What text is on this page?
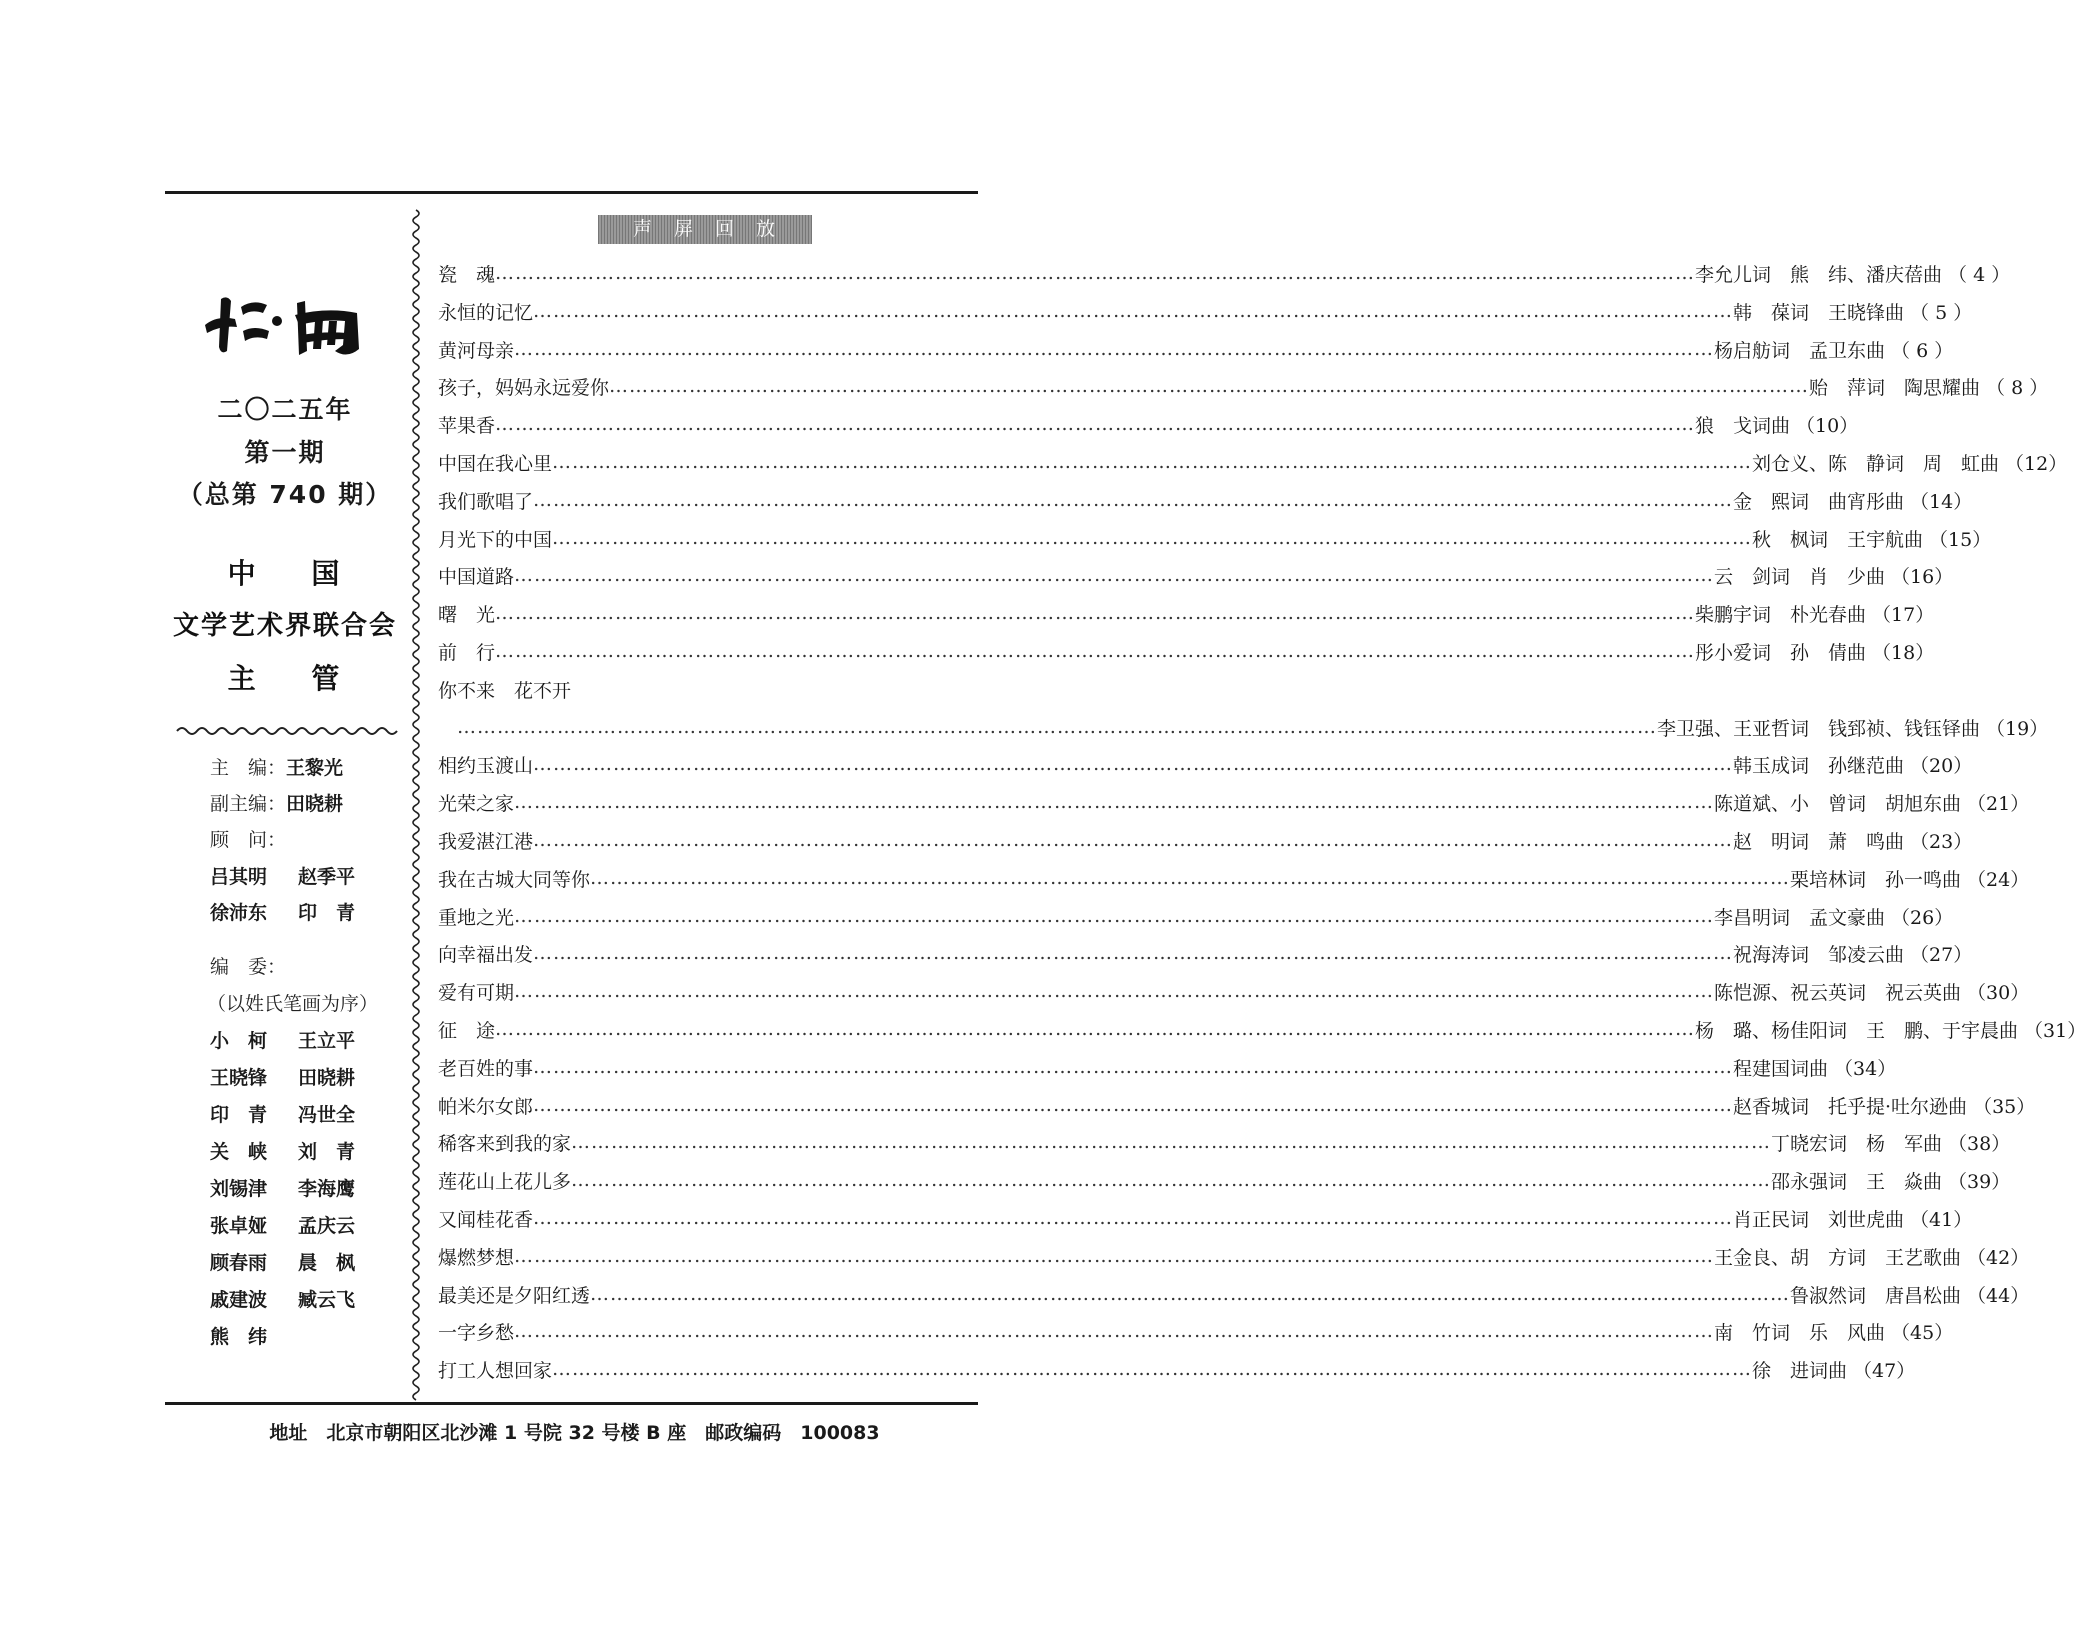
二〇二五年
第一期
（总第 740 期）
中 国
文学艺术界联合会
主 管
主　编：王黎光
副主编：田晓耕
顾　问：
吕其明 赵季平
徐沛东 印　青
编　委：
（以姓氏笔画为序）
小　柯 王立平
王晓锋 田晓耕
印　青 冯世全
关　峡 刘　青
刘锡津 李海鹰
张卓娅 孟庆云
顾春雨 晨　枫
戚建波 臧云飞
熊　纬
声 屏 回 放
瓷　魂 ……………………………………………………………………………………………………………………………………………………………… 李允儿词　熊　纬、潘庆蓓曲 （ 4 ）
永恒的记忆 ……………………………………………………………………………………………………………………………………………………………… 韩　葆词　王晓锋曲 （ 5 ）
黄河母亲 ……………………………………………………………………………………………………………………………………………………………… 杨启舫词　孟卫东曲 （ 6 ）
孩子，妈妈永远爱你 ……………………………………………………………………………………………………………………………………………………………… 贻　萍词　陶思耀曲 （ 8 ）
苹果香 ……………………………………………………………………………………………………………………………………………………………… 狼　戈词曲 （10）
中国在我心里 ……………………………………………………………………………………………………………………………………………………………… 刘仓义、陈　静词　周　虹曲 （12）
我们歌唱了 ……………………………………………………………………………………………………………………………………………………………… 金　熙词　曲宵彤曲 （14）
月光下的中国 ……………………………………………………………………………………………………………………………………………………………… 秋　枫词　王宇航曲 （15）
中国道路 ……………………………………………………………………………………………………………………………………………………………… 云　剑词　肖　少曲 （16）
曙　光 ……………………………………………………………………………………………………………………………………………………………… 柴鹏宇词　朴光春曲 （17）
前　行 ……………………………………………………………………………………………………………………………………………………………… 彤小爱词　孙　倩曲 （18）
你不来　花不开

……………………………………………………………………………………………………………………………………………………………… 李卫强、王亚哲词　钱郅祯、钱钰铎曲 （19）
相约玉渡山 ……………………………………………………………………………………………………………………………………………………………… 韩玉成词　孙继范曲 （20）
光荣之家 ……………………………………………………………………………………………………………………………………………………………… 陈道斌、小　曾词　胡旭东曲 （21）
我爱湛江港 ……………………………………………………………………………………………………………………………………………………………… 赵　明词　萧　鸣曲 （23）
我在古城大同等你 ……………………………………………………………………………………………………………………………………………………………… 栗培林词　孙一鸣曲 （24）
重地之光 ……………………………………………………………………………………………………………………………………………………………… 李昌明词　孟文豪曲 （26）
向幸福出发 ……………………………………………………………………………………………………………………………………………………………… 祝海涛词　邹凌云曲 （27）
爱有可期 ……………………………………………………………………………………………………………………………………………………………… 陈恺源、祝云英词　祝云英曲 （30）
征　途 ……………………………………………………………………………………………………………………………………………………………… 杨　璐、杨佳阳词　王　鹏、于宇晨曲 （31）
老百姓的事 ……………………………………………………………………………………………………………………………………………………………… 程建国词曲 （34）
帕米尔女郎 ……………………………………………………………………………………………………………………………………………………………… 赵香城词　托乎提·吐尔逊曲 （35）
稀客来到我的家 ……………………………………………………………………………………………………………………………………………………………… 丁晓宏词　杨　军曲 （38）
莲花山上花儿多 ……………………………………………………………………………………………………………………………………………………………… 邵永强词　王　焱曲 （39）
又闻桂花香 ……………………………………………………………………………………………………………………………………………………………… 肖正民词　刘世虎曲 （41）
爆燃梦想 ……………………………………………………………………………………………………………………………………………………………… 王金良、胡　方词　王艺歌曲 （42）
最美还是夕阳红透 ……………………………………………………………………………………………………………………………………………………………… 鲁淑然词　唐昌松曲 （44）
一字乡愁 ……………………………………………………………………………………………………………………………………………………………… 南　竹词　乐　风曲 （45）
打工人想回家 ……………………………………………………………………………………………………………………………………………………………… 徐　进词曲 （47）
地址　北京市朝阳区北沙滩 1 号院 32 号楼 B 座　邮政编码　100083
